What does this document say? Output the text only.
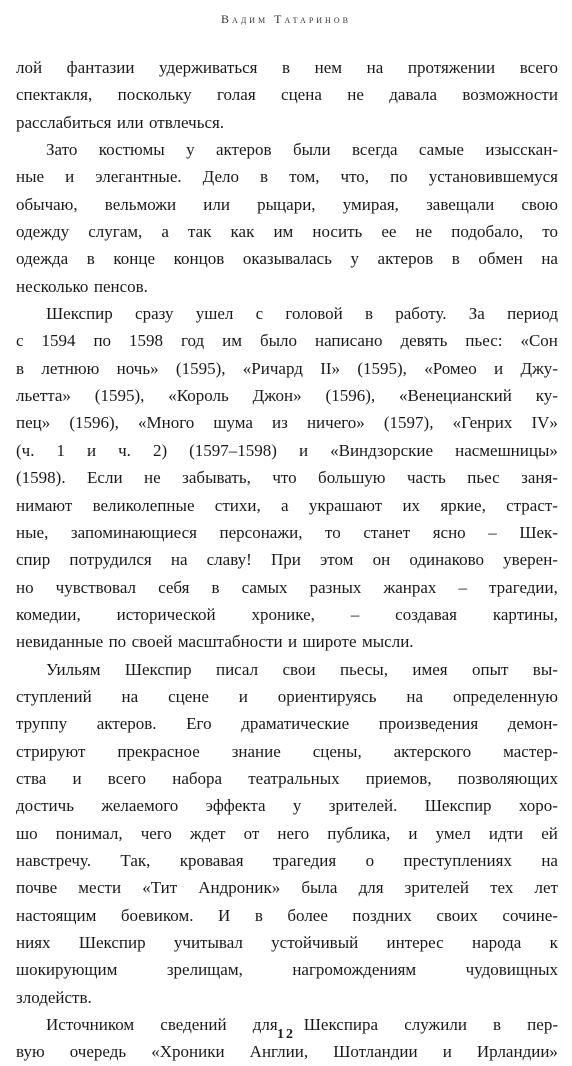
Вадим Татаринов
лой фантазии удерживаться в нем на протяжении всего
спектакля, поскольку голая сцена не давала возможности
расслабиться или отвлечься.
Зато костюмы у актеров были всегда самые изысскан-
ные и элегантные. Дело в том, что, по установившемуся
обычаю, вельможи или рыцари, умирая, завещали свою
одежду слугам, а так как им носить ее не подобало, то
одежда в конце концов оказывалась у актеров в обмен на
несколько пенсов.
Шекспир сразу ушел с головой в работу. За период
с 1594 по 1598 год им было написано девять пьес: «Сон
в летнюю ночь» (1595), «Ричард II» (1595), «Ромео и Джу-
льетта» (1595), «Король Джон» (1596), «Венецианский ку-
пец» (1596), «Много шума из ничего» (1597), «Генрих IV»
(ч. 1 и ч. 2) (1597–1598) и «Виндзорские насмешницы»
(1598). Если не забывать, что большую часть пьес заня-
нимают великолепные стихи, а украшают их яркие, страст-
ные, запоминающиеся персонажи, то станет ясно – Шек-
спир потрудился на славу! При этом он одинаково уверен-
но чувствовал себя в самых разных жанрах – трагедии,
комедии, исторической хронике, – создавая картины,
невиданные по своей масштабности и широте мысли.
Уильям Шекспир писал свои пьесы, имея опыт вы-
ступлений на сцене и ориентируясь на определенную
труппу актеров. Его драматические произведения демон-
стрируют прекрасное знание сцены, актерского мастер-
ства и всего набора театральных приемов, позволяющих
достичь желаемого эффекта у зрителей. Шекспир хоро-
шо понимал, чего ждет от него публика, и умел идти ей
навстречу. Так, кровавая трагедия о преступлениях на
почве мести «Тит Андроник» была для зрителей тех лет
настоящим боевиком. И в более поздних своих сочине-
ниях Шекспир учитывал устойчивый интерес народа к
шокирующим	зрелищам,	нагромождениям	чудовищных
злодейств.
Источником сведений для Шекспира служили в пер-
вую очередь «Хроники Англии, Шотландии и Ирландии»
12
